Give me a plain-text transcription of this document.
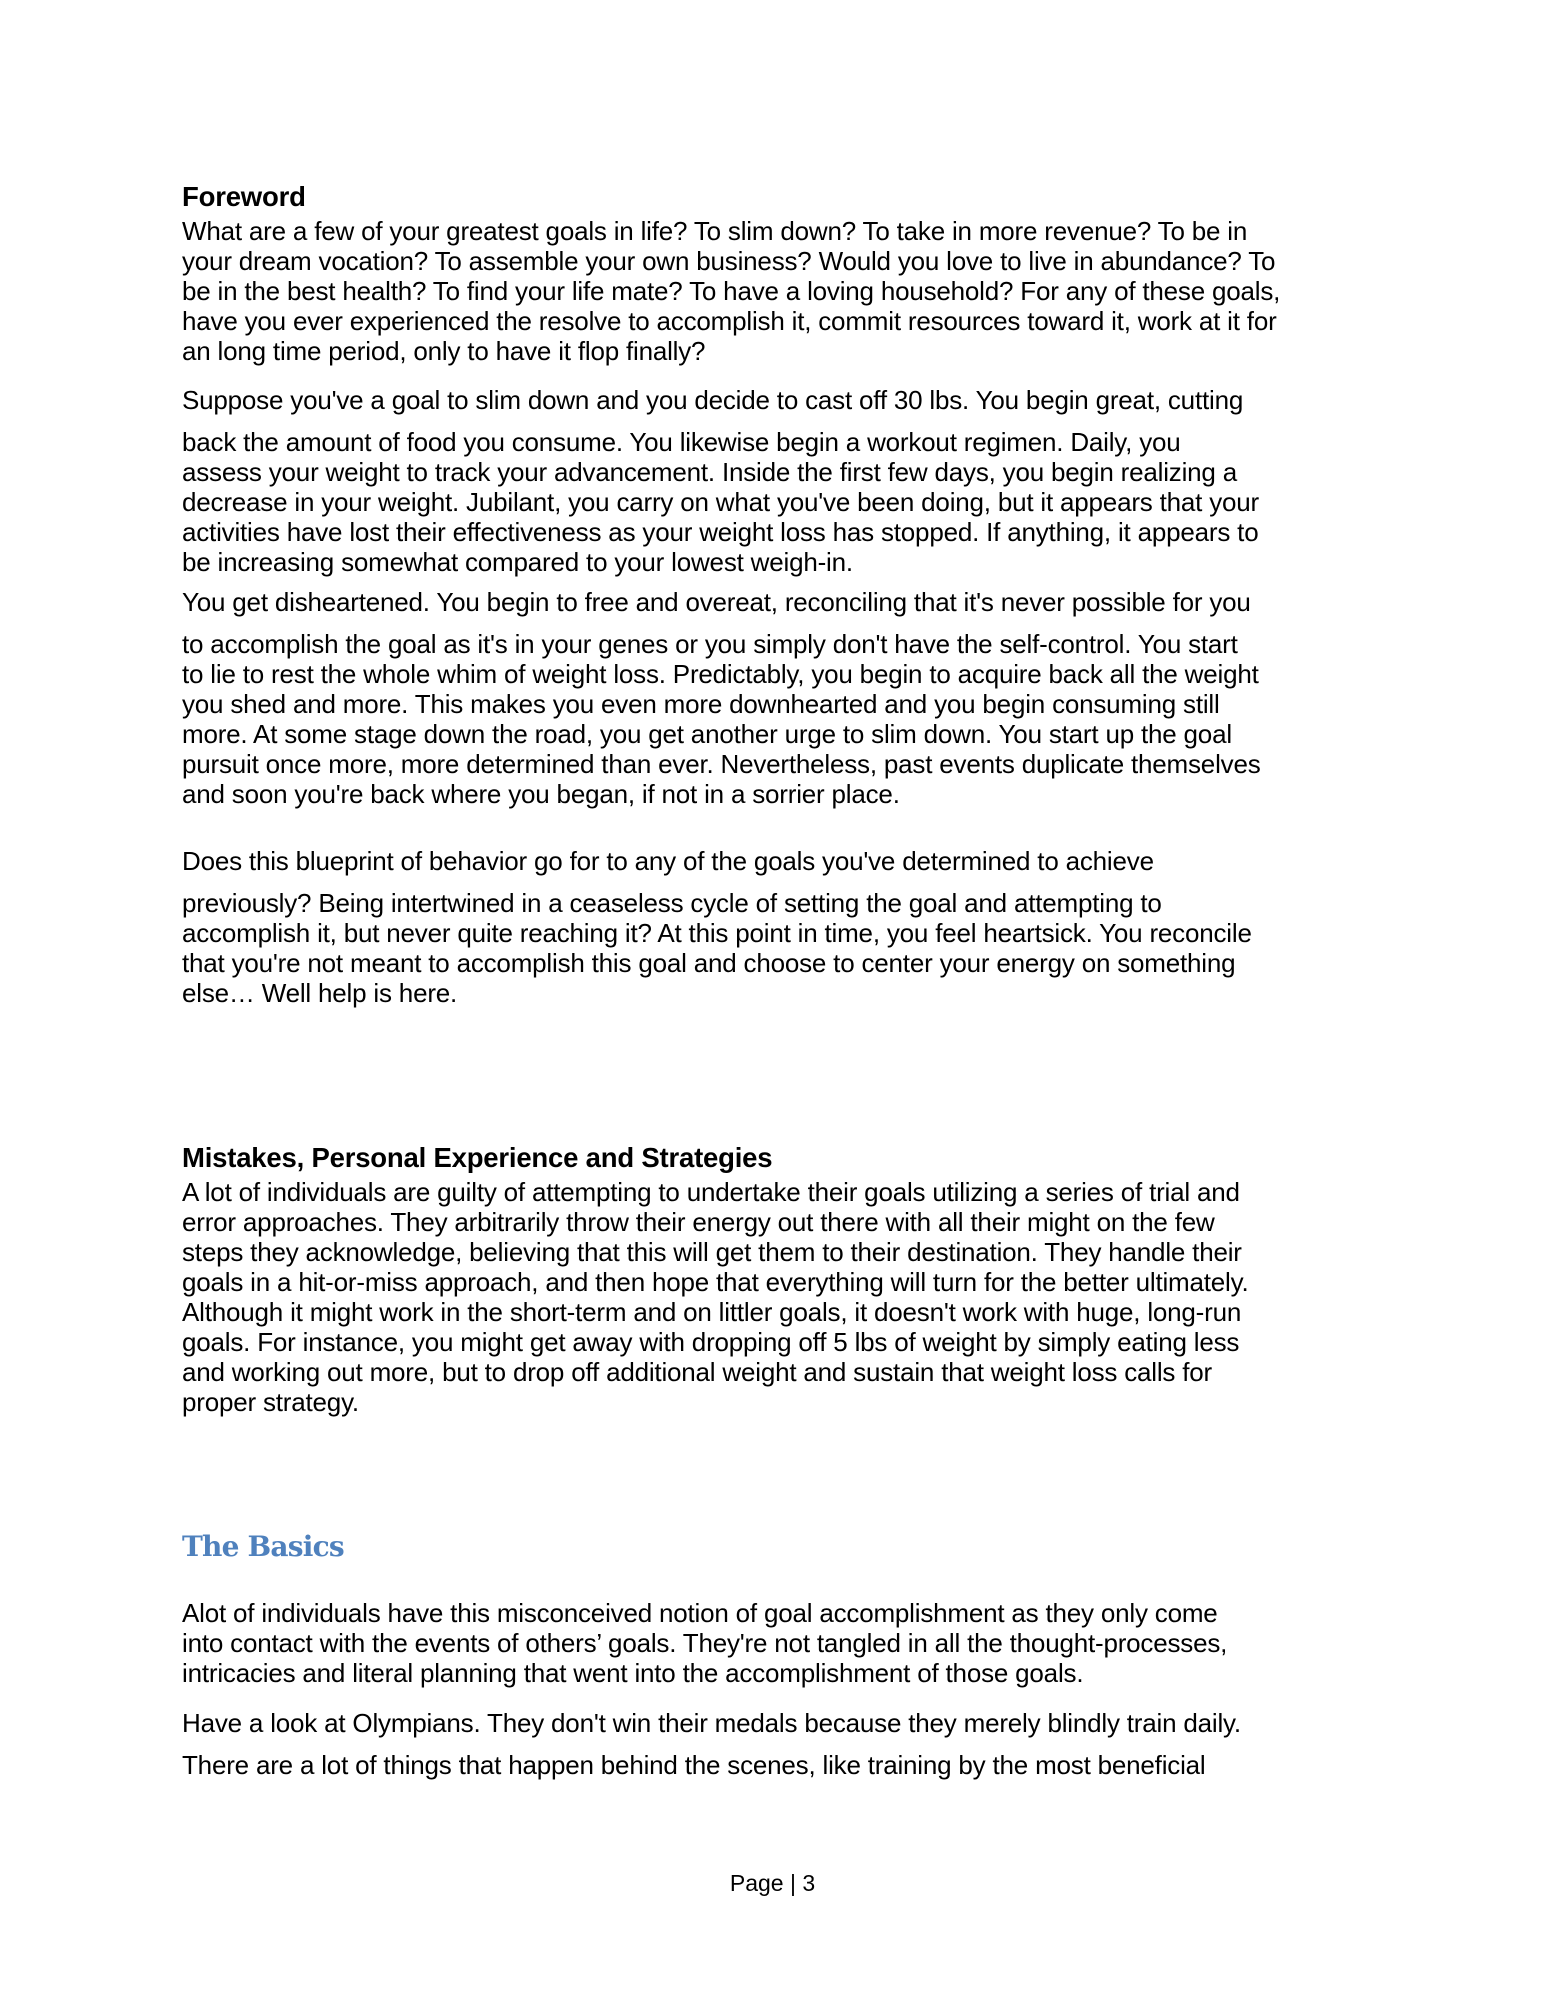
Foreword
What are a few of your greatest goals in life? To slim down? To take in more revenue? To be in
your dream vocation? To assemble your own business? Would you love to live in abundance? To
be in the best health? To find your life mate? To have a loving household? For any of these goals,
have you ever experienced the resolve to accomplish it, commit resources toward it, work at it for
an long time period, only to have it flop finally?
Suppose you've a goal to slim down and you decide to cast off 30 lbs. You begin great, cutting
back the amount of food you consume. You likewise begin a workout regimen. Daily, you
assess your weight to track your advancement. Inside the first few days, you begin realizing a
decrease in your weight. Jubilant, you carry on what you've been doing, but it appears that your
activities have lost their effectiveness as your weight loss has stopped. If anything, it appears to
be increasing somewhat compared to your lowest weigh-in.
You get disheartened. You begin to free and overeat, reconciling that it's never possible for you
to accomplish the goal as it's in your genes or you simply don't have the self-control. You start
to lie to rest the whole whim of weight loss. Predictably, you begin to acquire back all the weight
you shed and more. This makes you even more downhearted and you begin consuming still
more. At some stage down the road, you get another urge to slim down. You start up the goal
pursuit once more, more determined than ever. Nevertheless, past events duplicate themselves
and soon you're back where you began, if not in a sorrier place.
Does this blueprint of behavior go for to any of the goals you've determined to achieve
previously? Being intertwined in a ceaseless cycle of setting the goal and attempting to
accomplish it, but never quite reaching it? At this point in time, you feel heartsick. You reconcile
that you're not meant to accomplish this goal and choose to center your energy on something
else… Well help is here.
Mistakes, Personal Experience and Strategies
A lot of individuals are guilty of attempting to undertake their goals utilizing a series of trial and
error approaches. They arbitrarily throw their energy out there with all their might on the few
steps they acknowledge, believing that this will get them to their destination. They handle their
goals in a hit-or-miss approach, and then hope that everything will turn for the better ultimately.
Although it might work in the short-term and on littler goals, it doesn't work with huge, long-run
goals. For instance, you might get away with dropping off 5 lbs of weight by simply eating less
and working out more, but to drop off additional weight and sustain that weight loss calls for
proper strategy.
The Basics
Alot of individuals have this misconceived notion of goal accomplishment as they only come
into contact with the events of others’ goals. They're not tangled in all the thought-processes,
intricacies and literal planning that went into the accomplishment of those goals.
Have a look at Olympians. They don't win their medals because they merely blindly train daily.
There are a lot of things that happen behind the scenes, like training by the most beneficial
Page | 3
